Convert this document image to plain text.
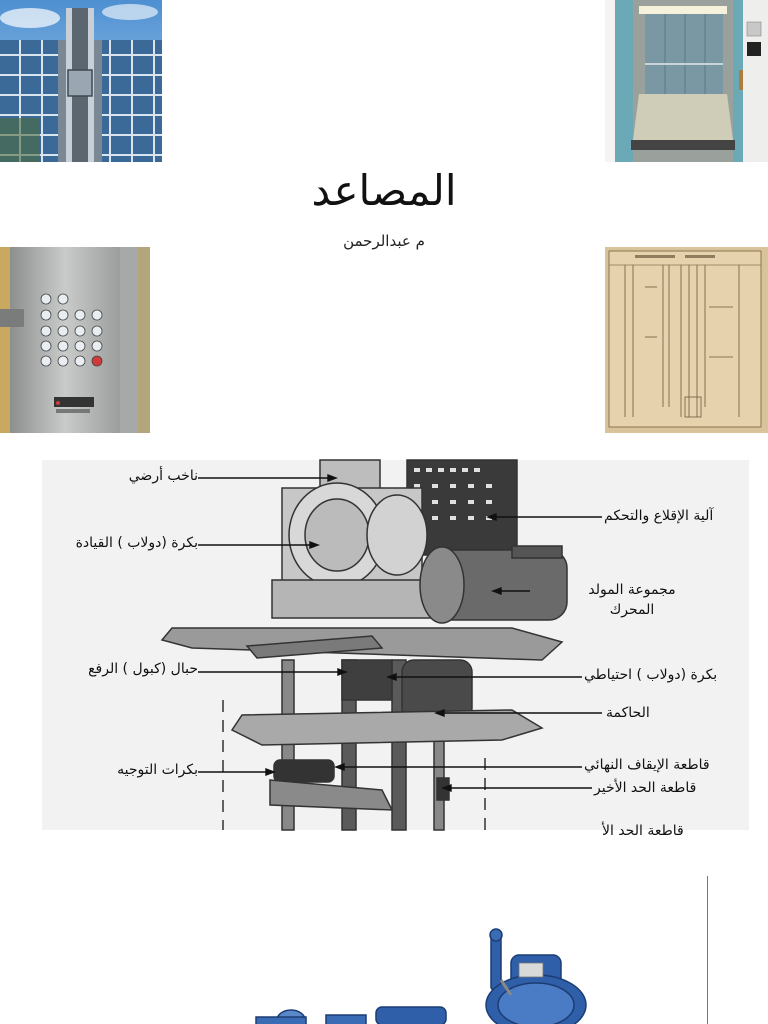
المصاعد
م عبدالرحمن
ناخب أرضي
بكرة (دولاب ) القيادة
حبال (كبول ) الرفع
بكرات التوجيه
آلية الإقلاع والتحكم
مجموعة المولد
المحرك
بكرة (دولاب ) احتياطي
الحاكمة
قاطعة الإيقاف النهائي
قاطعة الحد الأخير
قاطعة الحد الأ
